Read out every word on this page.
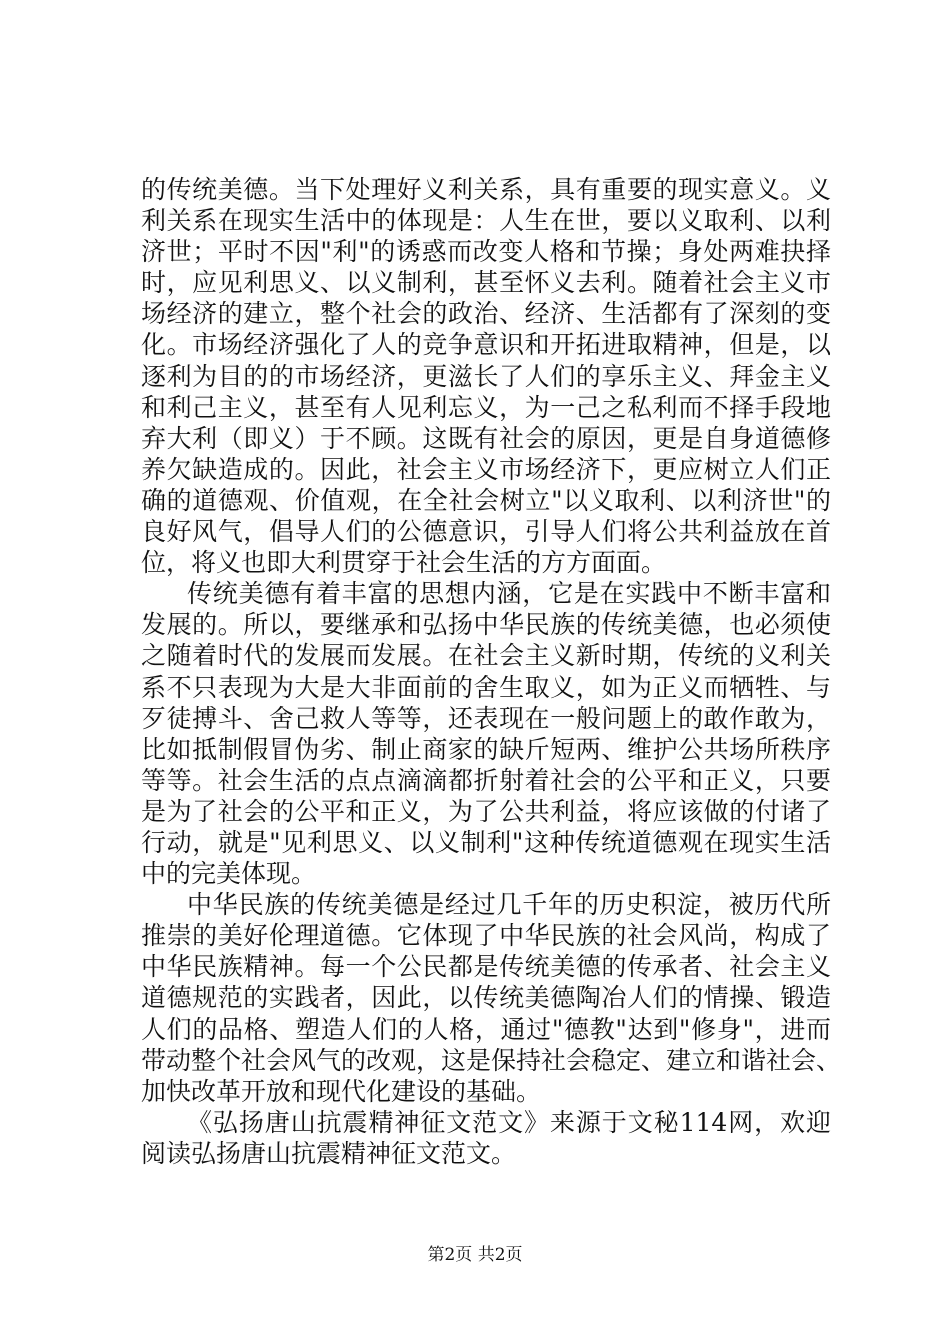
的传统美德。当下处理好义利关系，具有重要的现实意义。义
利关系在现实生活中的体现是：人生在世，要以义取利、以利
济世；平时不因"利"的诱惑而改变人格和节操；身处两难抉择
时，应见利思义、以义制利，甚至怀义去利。随着社会主义市
场经济的建立，整个社会的政治、经济、生活都有了深刻的变
化。市场经济强化了人的竞争意识和开拓进取精神，但是，以
逐利为目的的市场经济，更滋长了人们的享乐主义、拜金主义
和利己主义，甚至有人见利忘义，为一己之私利而不择手段地
弃大利（即义）于不顾。这既有社会的原因，更是自身道德修
养欠缺造成的。因此，社会主义市场经济下，更应树立人们正
确的道德观、价值观，在全社会树立"以义取利、以利济世"的
良好风气，倡导人们的公德意识，引导人们将公共利益放在首
位，将义也即大利贯穿于社会生活的方方面面。
传统美德有着丰富的思想内涵，它是在实践中不断丰富和
发展的。所以，要继承和弘扬中华民族的传统美德，也必须使
之随着时代的发展而发展。在社会主义新时期，传统的义利关
系不只表现为大是大非面前的舍生取义，如为正义而牺牲、与
歹徒搏斗、舍己救人等等，还表现在一般问题上的敢作敢为，
比如抵制假冒伪劣、制止商家的缺斤短两、维护公共场所秩序
等等。社会生活的点点滴滴都折射着社会的公平和正义，只要
是为了社会的公平和正义，为了公共利益，将应该做的付诸了
行动，就是"见利思义、以义制利"这种传统道德观在现实生活
中的完美体现。
中华民族的传统美德是经过几千年的历史积淀，被历代所
推崇的美好伦理道德。它体现了中华民族的社会风尚，构成了
中华民族精神。每一个公民都是传统美德的传承者、社会主义
道德规范的实践者，因此，以传统美德陶冶人们的情操、锻造
人们的品格、塑造人们的人格，通过"德教"达到"修身"，进而
带动整个社会风气的改观，这是保持社会稳定、建立和谐社会、
加快改革开放和现代化建设的基础。
《弘扬唐山抗震精神征文范文》来源于文秘114网，欢迎
阅读弘扬唐山抗震精神征文范文。
第2页 共2页
